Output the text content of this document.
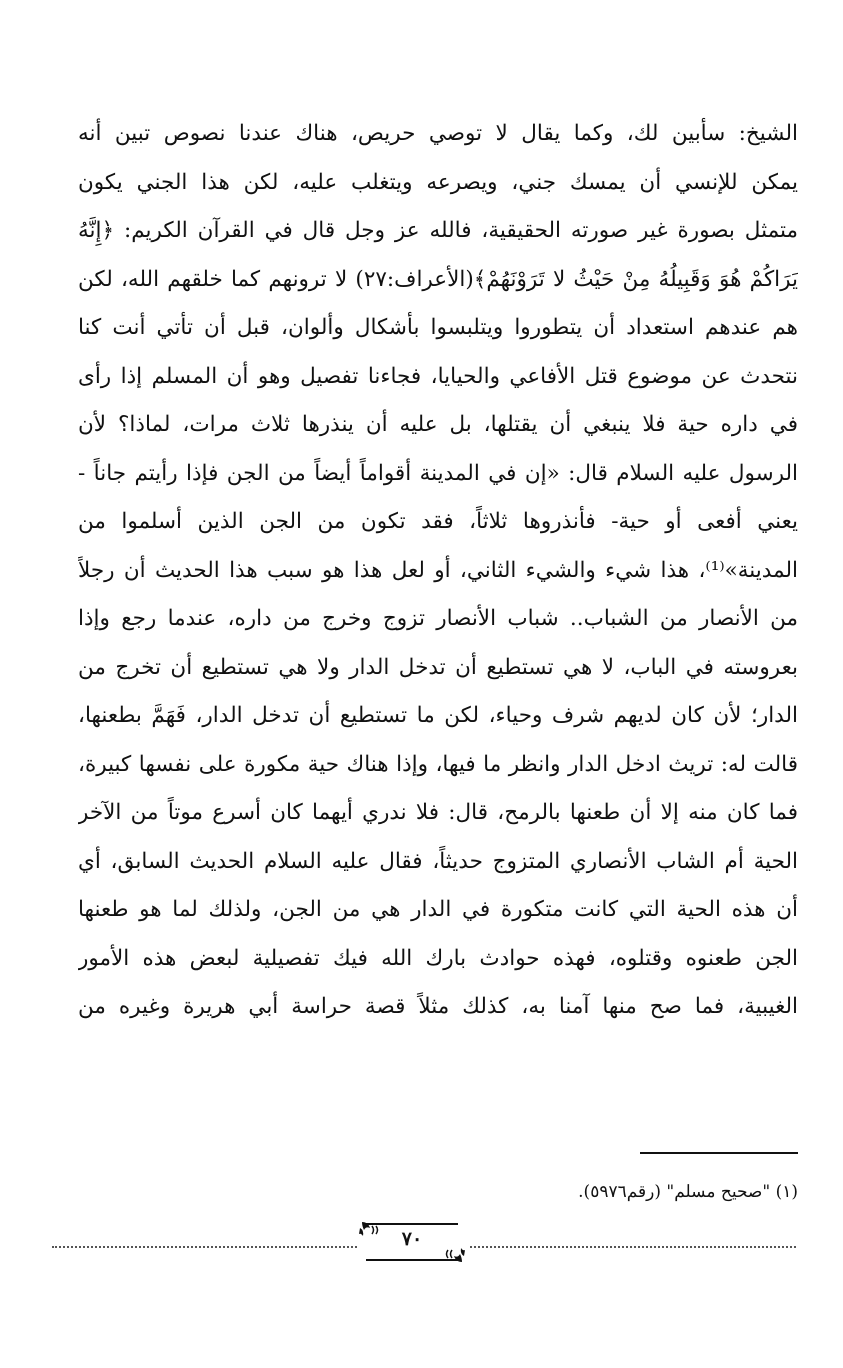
الشيخ: سأبين لك، وكما يقال لا توصي حريص، هناك عندنا نصوص تبين أنه
يمكن للإنسي أن يمسك جني، ويصرعه ويتغلب عليه، لكن هذا الجني يكون
متمثل بصورة غير صورته الحقيقية، فالله عز وجل قال في القرآن الكريم: ﴿إِنَّهُ
يَرَاكُمْ هُوَ وَقَبِيلُهُ مِنْ حَيْثُ لا تَرَوْنَهُمْ﴾(الأعراف:٢٧) لا ترونهم كما خلقهم الله، لكن
هم عندهم استعداد أن يتطوروا ويتلبسوا بأشكال وألوان، قبل أن تأتي أنت كنا
نتحدث عن موضوع قتل الأفاعي والحيايا، فجاءنا تفصيل وهو أن المسلم إذا رأى
في داره حية فلا ينبغي أن يقتلها، بل عليه أن ينذرها ثلاث مرات، لماذا؟ لأن
الرسول عليه السلام قال: «إن في المدينة أقواماً أيضاً من الجن فإذا رأيتم جاناً -
يعني أفعى أو حية- فأنذروها ثلاثاً، فقد تكون من الجن الذين أسلموا من
المدينة»⁽¹⁾، هذا شيء والشيء الثاني، أو لعل هذا هو سبب هذا الحديث أن رجلاً
من الأنصار من الشباب.. شباب الأنصار تزوج وخرج من داره، عندما رجع وإذا
بعروسته في الباب، لا هي تستطيع أن تدخل الدار ولا هي تستطيع أن تخرج من
الدار؛ لأن كان لديهم شرف وحياء، لكن ما تستطيع أن تدخل الدار، فَهَمَّ بطعنها،
قالت له: تريث ادخل الدار وانظر ما فيها، وإذا هناك حية مكورة على نفسها كبيرة،
فما كان منه إلا أن طعنها بالرمح، قال: فلا ندري أيهما كان أسرع موتاً من الآخر
الحية أم الشاب الأنصاري المتزوج حديثاً، فقال عليه السلام الحديث السابق، أي
أن هذه الحية التي كانت متكورة في الدار هي من الجن، ولذلك لما هو طعنها
الجن طعنوه وقتلوه، فهذه حوادث بارك الله فيك تفصيلية لبعض هذه الأمور
الغيبية، فما صح منها آمنا به، كذلك مثلاً قصة حراسة أبي هريرة وغيره من
(١) "صحيح مسلم" (رقم٥٩٧٦).
٧٠
